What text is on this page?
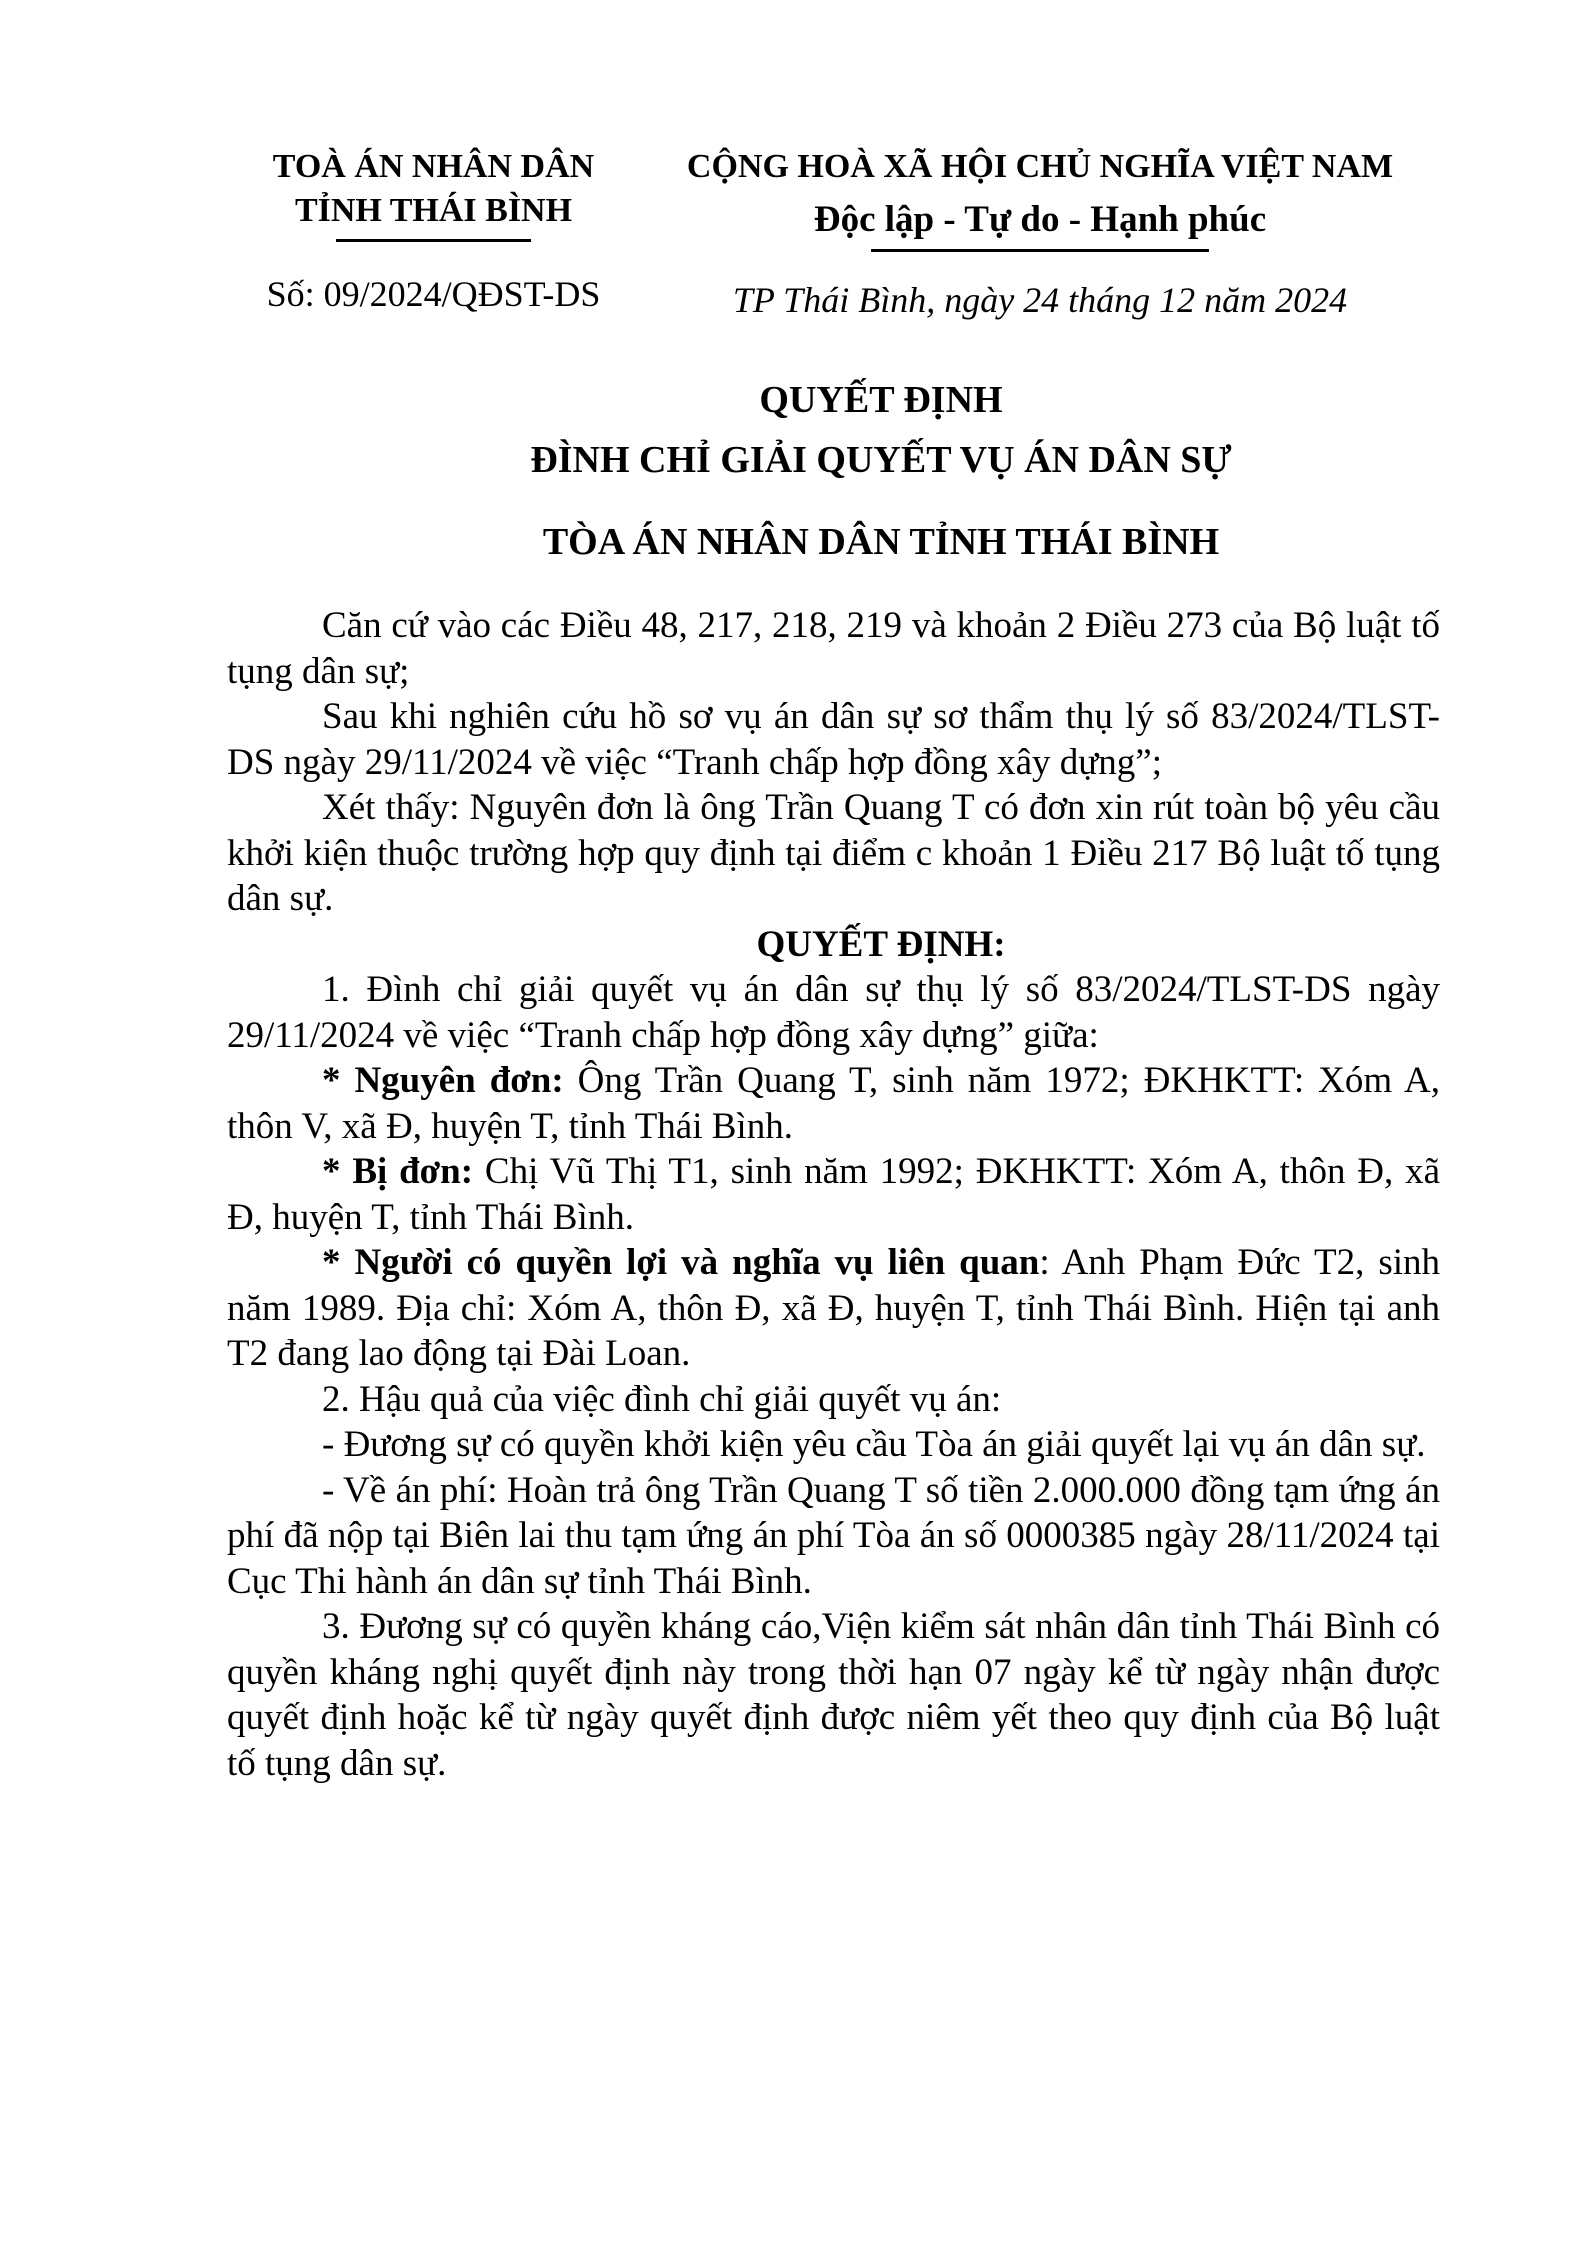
TOÀ ÁN NHÂN DÂN
TỈNH THÁI BÌNH
Số: 09/2024/QĐST-DS
CỘNG HOÀ XÃ HỘI CHỦ NGHĨA VIỆT NAM
Độc lập - Tự do - Hạnh phúc
TP Thái Bình, ngày 24 tháng 12 năm 2024
QUYẾT ĐỊNH
ĐÌNH CHỈ GIẢI QUYẾT VỤ ÁN DÂN SỰ
TÒA ÁN NHÂN DÂN TỈNH THÁI BÌNH

Căn cứ vào các Điều 48, 217, 218, 219 và khoản 2 Điều 273 của Bộ luật tố tụng dân sự;

Sau khi nghiên cứu hồ sơ vụ án dân sự sơ thẩm thụ lý số 83/2024/TLST-DS ngày 29/11/2024 về việc “Tranh chấp hợp đồng xây dựng”;

Xét thấy: Nguyên đơn là ông Trần Quang T có đơn xin rút toàn bộ yêu cầu khởi kiện thuộc trường hợp quy định tại điểm c khoản 1 Điều 217 Bộ luật tố tụng dân sự.

QUYẾT ĐỊNH:

1. Đình chỉ giải quyết vụ án dân sự thụ lý số 83/2024/TLST-DS ngày 29/11/2024 về việc “Tranh chấp hợp đồng xây dựng” giữa:

* Nguyên đơn: Ông Trần Quang T, sinh năm 1972; ĐKHKTT: Xóm A, thôn V, xã Đ, huyện T, tỉnh Thái Bình.

* Bị đơn: Chị Vũ Thị T1, sinh năm 1992; ĐKHKTT: Xóm A, thôn Đ, xã Đ, huyện T, tỉnh Thái Bình.

* Người có quyền lợi và nghĩa vụ liên quan: Anh Phạm Đức T2, sinh năm 1989. Địa chỉ: Xóm A, thôn Đ, xã Đ, huyện T, tỉnh Thái Bình. Hiện tại anh T2 đang lao động tại Đài Loan.

2. Hậu quả của việc đình chỉ giải quyết vụ án:

- Đương sự có quyền khởi kiện yêu cầu Tòa án giải quyết lại vụ án dân sự.

- Về án phí: Hoàn trả ông Trần Quang T số tiền 2.000.000 đồng tạm ứng án phí đã nộp tại Biên lai thu tạm ứng án phí Tòa án số 0000385 ngày 28/11/2024 tại Cục Thi hành án dân sự tỉnh Thái Bình.

3. Đương sự có quyền kháng cáo,Viện kiểm sát nhân dân tỉnh Thái Bình có quyền kháng nghị quyết định này trong thời hạn 07 ngày kể từ ngày nhận được quyết định hoặc kể từ ngày quyết định được niêm yết theo quy định của Bộ luật tố tụng dân sự.
